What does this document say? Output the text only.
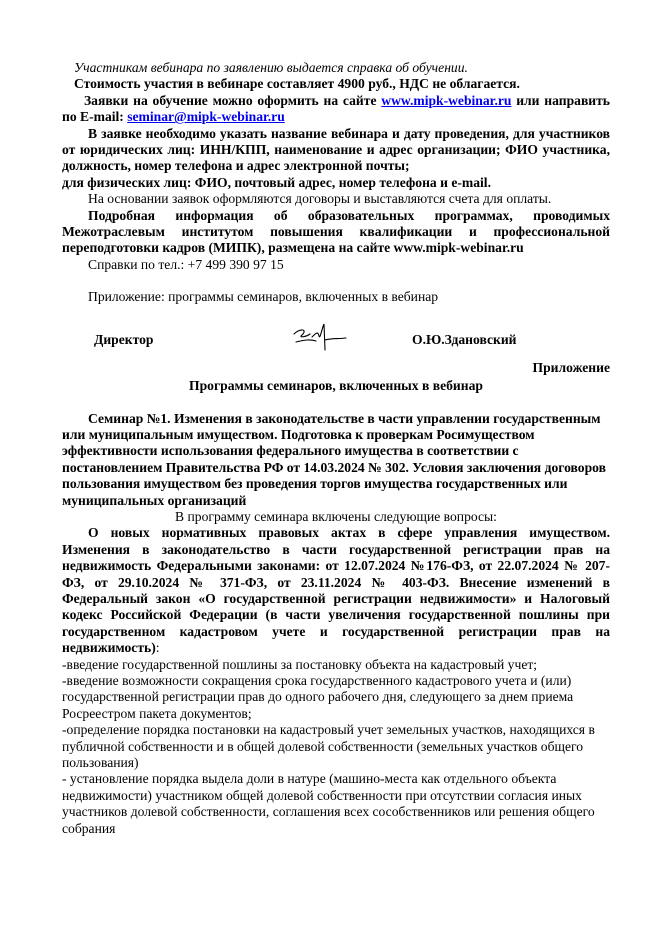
Участникам вебинара по заявлению выдается справка об обучении.

Стоимость участия в вебинаре составляет 4900 руб., НДС не облагается.

Заявки на обучение можно оформить на сайте www.mipk-webinar.ru или направить по E-mail: seminar@mipk-webinar.ru

В заявке необходимо указать название вебинара и дату проведения, для участников от юридических лиц: ИНН/КПП, наименование и адрес организации; ФИО участника, должность, номер телефона и адрес электронной почты;

для физических лиц: ФИО, почтовый адрес, номер телефона и e-mail.

На основании заявок оформляются договоры и выставляются счета для оплаты.

Подробная информация об образовательных программах, проводимых Межотраслевым институтом повышения квалификации и профессиональной переподготовки кадров (МИПК), размещена на сайте www.mipk-webinar.ru

Справки по тел.: +7 499 390 97 15

Приложение: программы семинаров, включенных в вебинар

Директор	О.Ю.Здановский

Приложение

Программы семинаров, включенных в вебинар

Семинар №1. Изменения в законодательстве в части управлении государственным или муниципальным имуществом. Подготовка к проверкам Росимуществом эффективности использования федерального имущества в соответствии с постановлением Правительства РФ от 14.03.2024 № 302. Условия заключения договоров пользования имуществом без проведения торгов имущества государственных или муниципальных организаций

В программу семинара включены следующие вопросы:

О новых нормативных правовых актах в сфере управления имуществом. Изменения в законодательство в части государственной регистрации прав на недвижимость Федеральными законами: от 12.07.2024 №176-ФЗ, от 22.07.2024 № 207-ФЗ, от 29.10.2024 № 371-ФЗ, от 23.11.2024 № 403-ФЗ. Внесение изменений в Федеральный закон «О государственной регистрации недвижимости» и Налоговый кодекс Российской Федерации (в части увеличения государственной пошлины при государственном кадастровом учете и государственной регистрации прав на недвижимость):

-введение государственной пошлины за постановку объекта на кадастровый учет;

-введение возможности сокращения срока государственного кадастрового учета и (или) государственной регистрации прав до одного рабочего дня, следующего за днем приема Росреестром пакета документов;

-определение порядка постановки на кадастровый учет земельных участков, находящихся в публичной собственности и в общей долевой собственности (земельных участков общего пользования)

- установление порядка выдела доли в натуре (машино-места как отдельного объекта недвижимости) участником общей долевой собственности при отсутствии согласия иных участников долевой собственности, соглашения всех сособственников или решения общего собрания
